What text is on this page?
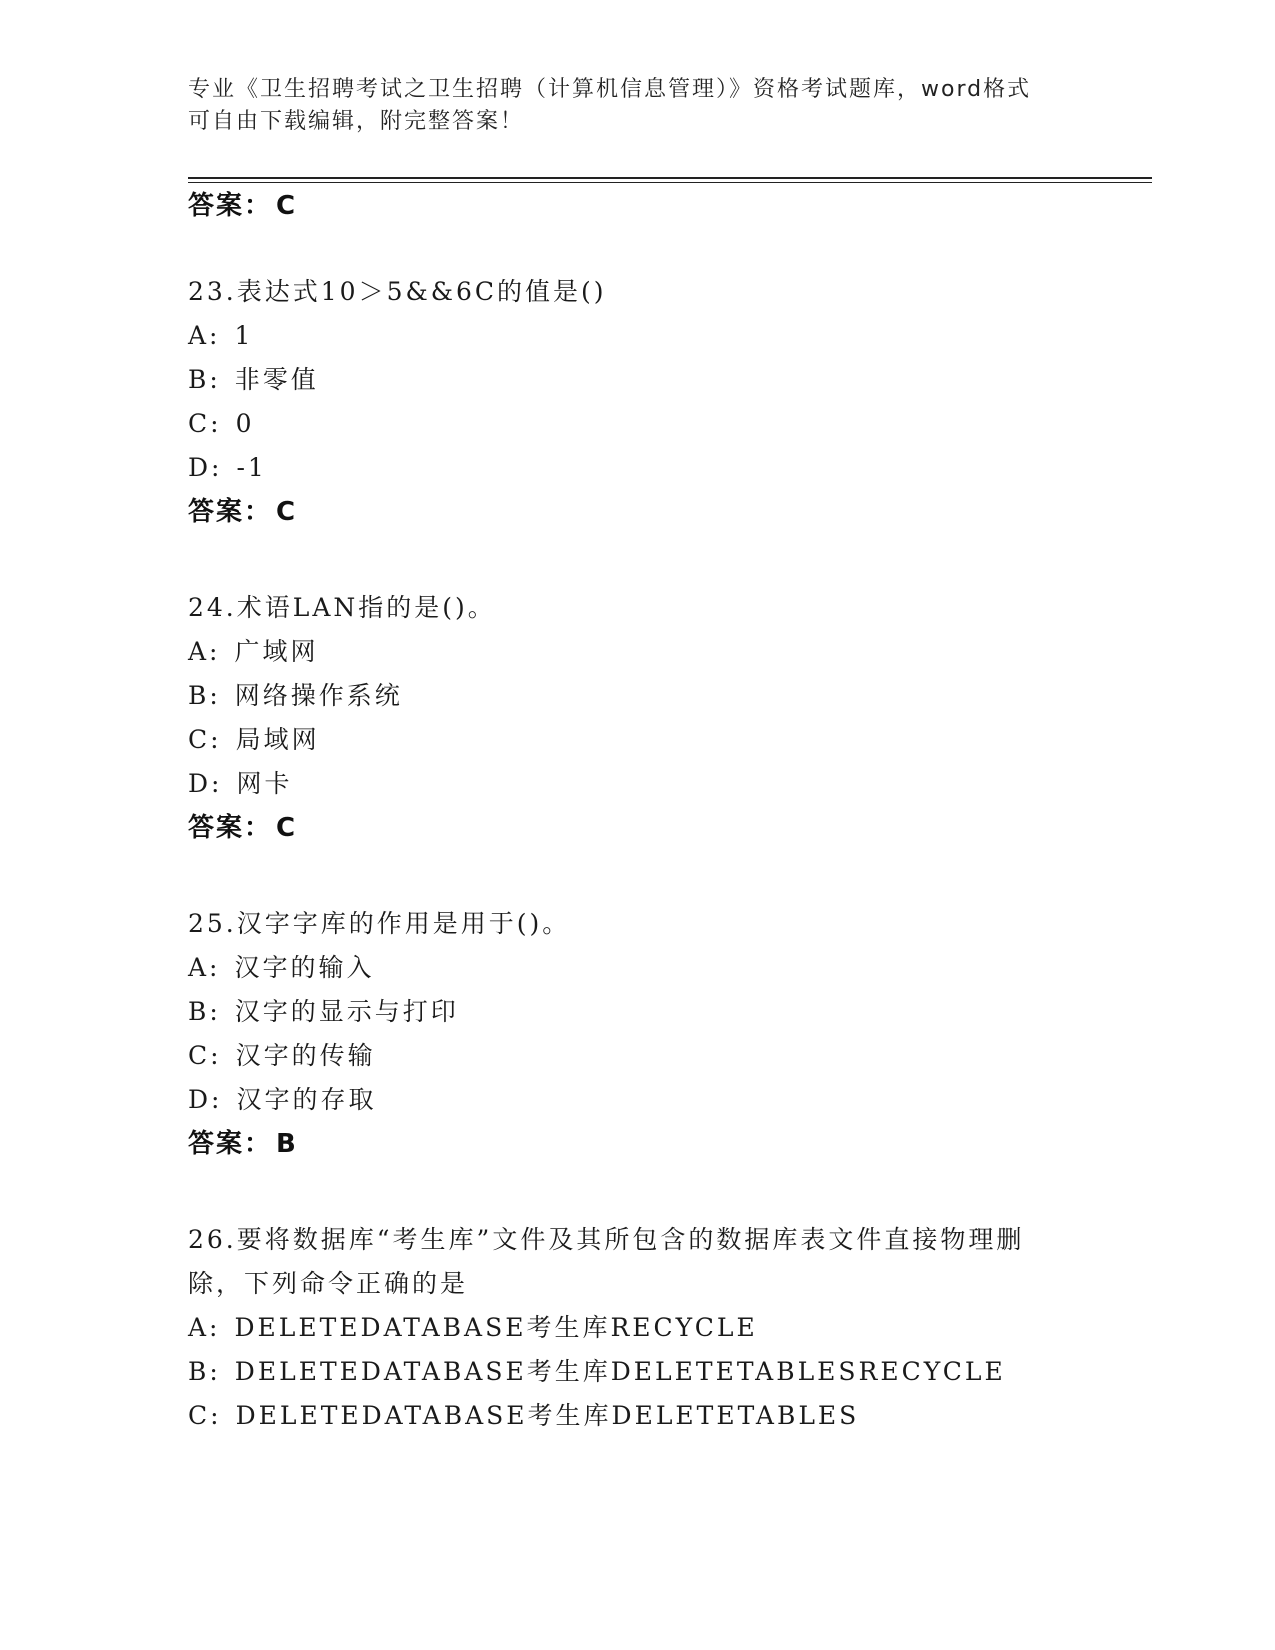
专业《卫生招聘考试之卫生招聘（计算机信息管理）》资格考试题库，word格式
可自由下载编辑，附完整答案！
答案： C
23.表达式10＞5&&6C的值是()
A: 1
B: 非零值
C: 0
D: -1
答案： C
24.术语LAN指的是()。
A: 广域网
B: 网络操作系统
C: 局域网
D: 网卡
答案： C
25.汉字字库的作用是用于()。
A: 汉字的输入
B: 汉字的显示与打印
C: 汉字的传输
D: 汉字的存取
答案： B
26.要将数据库“考生库”文件及其所包含的数据库表文件直接物理删
除，下列命令正确的是
A: DELETEDATABASE考生库RECYCLE
B: DELETEDATABASE考生库DELETETABLESRECYCLE
C: DELETEDATABASE考生库DELETETABLES
